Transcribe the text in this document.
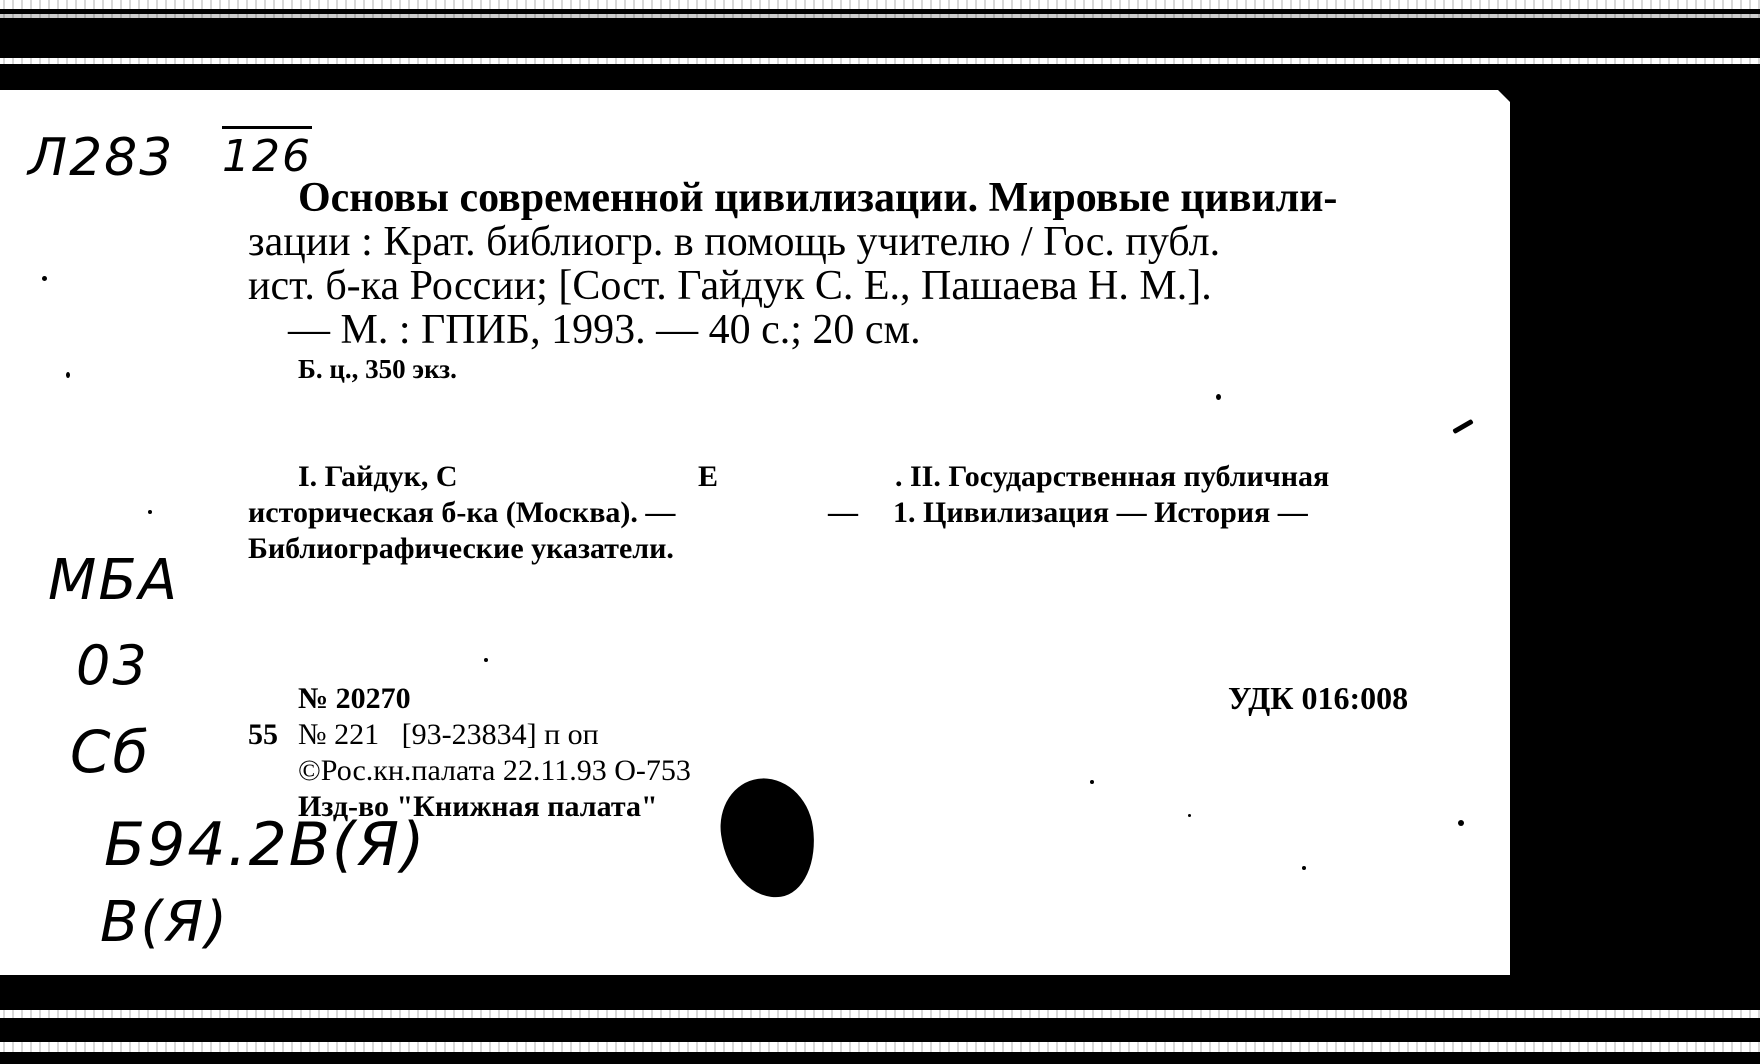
Л283 126
Основы современной цивилизации. Мировые цивили-
зации : Крат. библиогр. в помощь учителю / Гос. публ.
ист. б-ка России; [Сост. Гайдук С. Е., Пашаева Н. М.].
— М. : ГПИБ, 1993. — 40 с.; 20 см.
Б. ц., 350 экз.
I. Гайдук, С	Е	. II. Государственная публичная
историческая б-ка (Москва). —	— 1. Цивилизация — История —
Библиографические указатели.
МБА
03
Сб
№ 20270	УДК 016:008
55 № 221   [93-23834] п оп
©Рос.кн.палата 22.11.93 О-753
Изд-во "Книжная палата"
Б94.2В(Я)
В(Я)
